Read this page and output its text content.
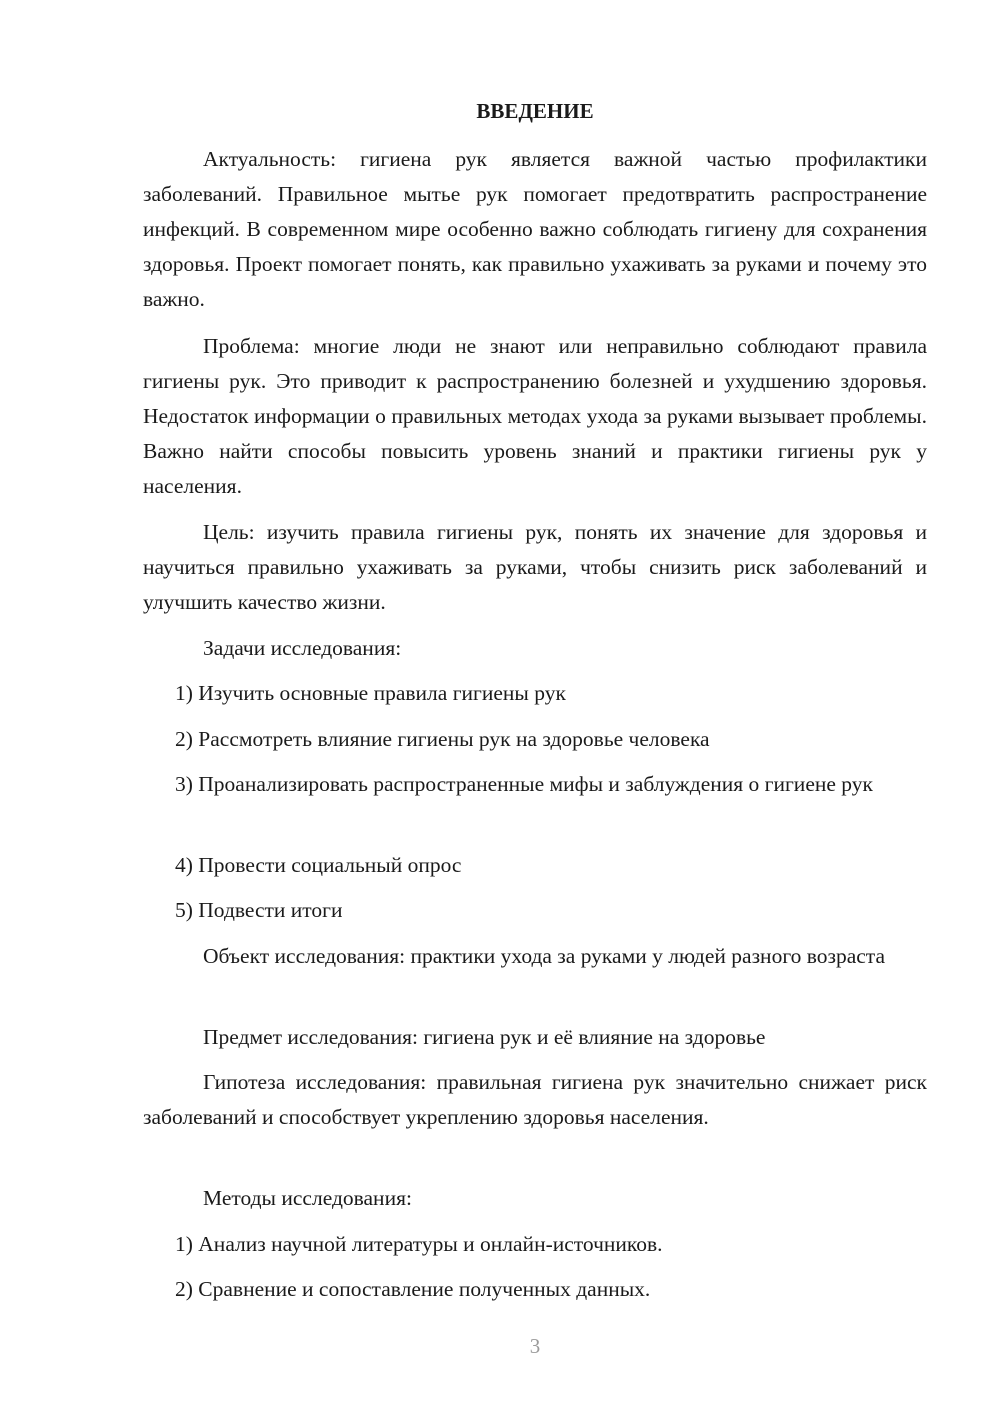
ВВЕДЕНИЕ

Актуальность: гигиена рук является важной частью профилактики заболеваний. Правильное мытье рук помогает предотвратить распространение инфекций. В современном мире особенно важно соблюдать гигиену для сохранения здоровья. Проект помогает понять, как правильно ухаживать за руками и почему это важно.

Проблема: многие люди не знают или неправильно соблюдают правила гигиены рук. Это приводит к распространению болезней и ухудшению здоровья. Недостаток информации о правильных методах ухода за руками вызывает проблемы. Важно найти способы повысить уровень знаний и практики гигиены рук у населения.

Цель: изучить правила гигиены рук, понять их значение для здоровья и научиться правильно ухаживать за руками, чтобы снизить риск заболеваний и улучшить качество жизни.

Задачи исследования:

1) Изучить основные правила гигиены рук

2) Рассмотреть влияние гигиены рук на здоровье человека

3) Проанализировать распространенные мифы и заблуждения о гигиене рук

4) Провести социальный опрос

5) Подвести итоги

Объект исследования: практики ухода за руками у людей разного возраста

Предмет исследования: гигиена рук и её влияние на здоровье

Гипотеза исследования: правильная гигиена рук значительно снижает риск заболеваний и способствует укреплению здоровья населения.

Методы исследования:

1) Анализ научной литературы и онлайн-источников.

2) Сравнение и сопоставление полученных данных.

3
